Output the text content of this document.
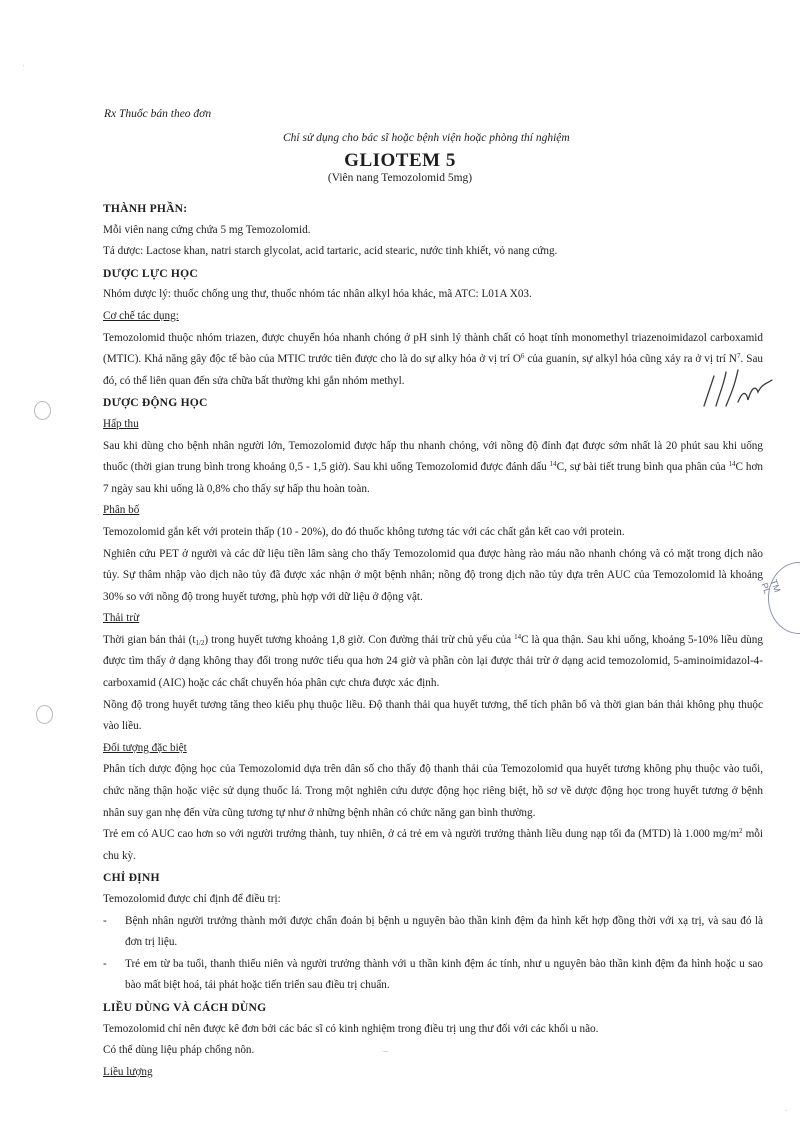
·
–
·
TM PL
Rx Thuốc bán theo đơn
Chỉ sử dụng cho bác sĩ hoặc bệnh viện hoặc phòng thí nghiệm
GLIOTEM 5
(Viên nang Temozolomid 5mg)
THÀNH PHẦN:

Mỗi viên nang cứng chứa 5 mg Temozolomid.

Tá dược: Lactose khan, natri starch glycolat, acid tartaric, acid stearic, nước tinh khiết, vỏ nang cứng.

DƯỢC LỰC HỌC

Nhóm dược lý: thuốc chống ung thư, thuốc nhóm tác nhân alkyl hóa khác, mã ATC: L01A X03.

Cơ chế tác dụng:

Temozolomid thuộc nhóm triazen, được chuyển hóa nhanh chóng ở pH sinh lý thành chất có hoạt tính monomethyl triazenoimidazol carboxamid (MTIC). Khả năng gây độc tế bào của MTIC trước tiên được cho là do sự alky hóa ở vị trí $O^6$ của guanin, sự alkyl hóa cũng xảy ra ở vị trí $N^7$. Sau đó, có thể liên quan đến sửa chữa bất thường khi gắn nhóm methyl.

DƯỢC ĐỘNG HỌC
Hấp thu

Sau khi dùng cho bệnh nhân người lớn, Temozolomid được hấp thu nhanh chóng, với nồng độ đỉnh đạt được sớm nhất là 20 phút sau khi uống thuốc (thời gian trung bình trong khoảng 0,5 - 1,5 giờ). Sau khi uống Temozolomid được đánh dấu $^{14}$C, sự bài tiết trung bình qua phân của $^{14}$C hơn 7 ngày sau khi uống là 0,8% cho thấy sự hấp thu hoàn toàn.

Phân bố

Temozolomid gắn kết với protein thấp (10 - 20%), do đó thuốc không tương tác với các chất gắn kết cao với protein.

Nghiên cứu PET ở người và các dữ liệu tiền lâm sàng cho thấy Temozolomid qua được hàng rào máu não nhanh chóng và có mặt trong dịch não tủy. Sự thâm nhập vào dịch não tủy đã được xác nhận ở một bệnh nhân; nồng độ trong dịch não tủy dựa trên AUC của Temozolomid là khoảng 30% so với nồng độ trong huyết tương, phù hợp với dữ liệu ở động vật.

Thải trừ

Thời gian bán thải $(t_{1/2})$ trong huyết tương khoảng 1,8 giờ. Con đường thải trừ chủ yếu của $^{14}$C là qua thận. Sau khi uống, khoảng 5-10% liều dùng được tìm thấy ở dạng không thay đổi trong nước tiểu qua hơn 24 giờ và phần còn lại được thải trừ ở dạng acid temozolomid, 5-aminoimidazol-4-carboxamid (AIC) hoặc các chất chuyển hóa phân cực chưa được xác định.

Nồng độ trong huyết tương tăng theo kiểu phụ thuộc liều. Độ thanh thải qua huyết tương, thể tích phân bố và thời gian bán thải không phụ thuộc vào liều.

Đối tượng đặc biệt

Phân tích dược động học của Temozolomid dựa trên dân số cho thấy độ thanh thải của Temozolomid qua huyết tương không phụ thuộc vào tuổi, chức năng thận hoặc việc sử dụng thuốc lá. Trong một nghiên cứu dược động học riêng biệt, hồ sơ về dược động học trong huyết tương ở bệnh nhân suy gan nhẹ đến vừa cũng tương tự như ở những bệnh nhân có chức năng gan bình thường.

Trẻ em có AUC cao hơn so với người trưởng thành, tuy nhiên, ở cả trẻ em và người trưởng thành liều dung nạp tối đa (MTD) là 1.000 $mg/m^2$ mỗi chu kỳ.

CHỈ ĐỊNH

Temozolomid được chỉ định để điều trị:

- Bệnh nhân người trưởng thành mới được chẩn đoán bị bệnh u nguyên bào thần kinh đệm đa hình kết hợp đồng thời với xạ trị, và sau đó là đơn trị liệu.

- Trẻ em từ ba tuổi, thanh thiếu niên và người trưởng thành với u thần kinh đệm ác tính, như u nguyên bào thần kinh đệm đa hình hoặc u sao bào mất biệt hoá, tái phát hoặc tiến triển sau điều trị chuẩn.

LIỀU DÙNG VÀ CÁCH DÙNG

Temozolomid chỉ nên được kê đơn bởi các bác sĩ có kinh nghiệm trong điều trị ung thư đối với các khối u não.

Có thể dùng liệu pháp chống nôn.

Liều lượng
